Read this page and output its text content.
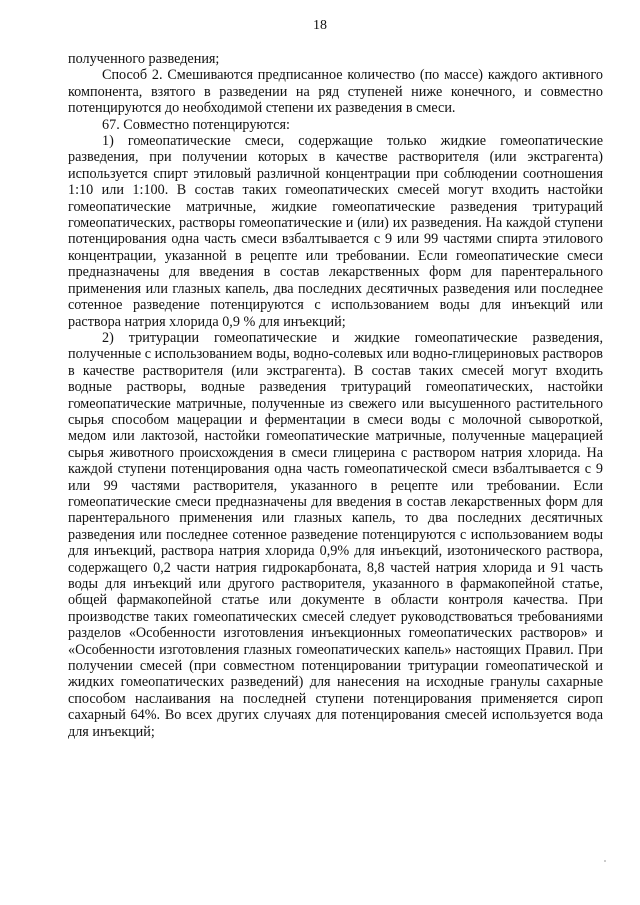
18

полученного разведения;

Способ 2. Смешиваются предписанное количество (по массе) каждого активного компонента, взятого в разведении на ряд ступеней ниже конечного, и совместно потенцируются до необходимой степени их разведения в смеси.

67. Совместно потенцируются:

1) гомеопатические смеси, содержащие только жидкие гомеопатические разведения, при получении которых в качестве растворителя (или экстрагента) используется спирт этиловый различной концентрации при соблюдении соотношения 1:10 или 1:100. В состав таких гомеопатических смесей могут входить настойки гомеопатические матричные, жидкие гомеопатические разведения тритураций гомеопатических, растворы гомеопатические и (или) их разведения. На каждой ступени потенцирования одна часть смеси взбалтывается с 9 или 99 частями спирта этилового концентрации, указанной в рецепте или требовании. Если гомеопатические смеси предназначены для введения в состав лекарственных форм для парентерального применения или глазных капель, два последних десятичных разведения или последнее сотенное разведение потенцируются с использованием воды для инъекций или раствора натрия хлорида 0,9 % для инъекций;

2) тритурации гомеопатические и жидкие гомеопатические разведения, полученные с использованием воды, водно-солевых или водно-глицериновых растворов в качестве растворителя (или экстрагента). В состав таких смесей могут входить водные растворы, водные разведения тритураций гомеопатических, настойки гомеопатические матричные, полученные из свежего или высушенного растительного сырья способом мацерации и ферментации в смеси воды с молочной сывороткой, медом или лактозой, настойки гомеопатические матричные, полученные мацерацией сырья животного происхождения в смеси глицерина с раствором натрия хлорида. На каждой ступени потенцирования одна часть гомеопатической смеси взбалтывается с 9 или 99 частями растворителя, указанного в рецепте или требовании. Если гомеопатические смеси предназначены для введения в состав лекарственных форм для парентерального применения или глазных капель, то два последних десятичных разведения или последнее сотенное разведение потенцируются с использованием воды для инъекций, раствора натрия хлорида 0,9% для инъекций, изотонического раствора, содержащего 0,2 части натрия гидрокарбоната, 8,8 частей натрия хлорида и 91 часть воды для инъекций или другого растворителя, указанного в фармакопейной статье, общей фармакопейной статье или документе в области контроля качества. При производстве таких гомеопатических смесей следует руководствоваться требованиями разделов «Особенности изготовления инъекционных гомеопатических растворов» и «Особенности изготовления глазных гомеопатических капель» настоящих Правил. При получении смесей (при совместном потенцировании тритурации гомеопатической и жидких гомеопатических разведений) для нанесения на исходные гранулы сахарные способом наслаивания на последней ступени потенцирования применяется сироп сахарный 64%. Во всех других случаях для потенцирования смесей используется вода для инъекций;
